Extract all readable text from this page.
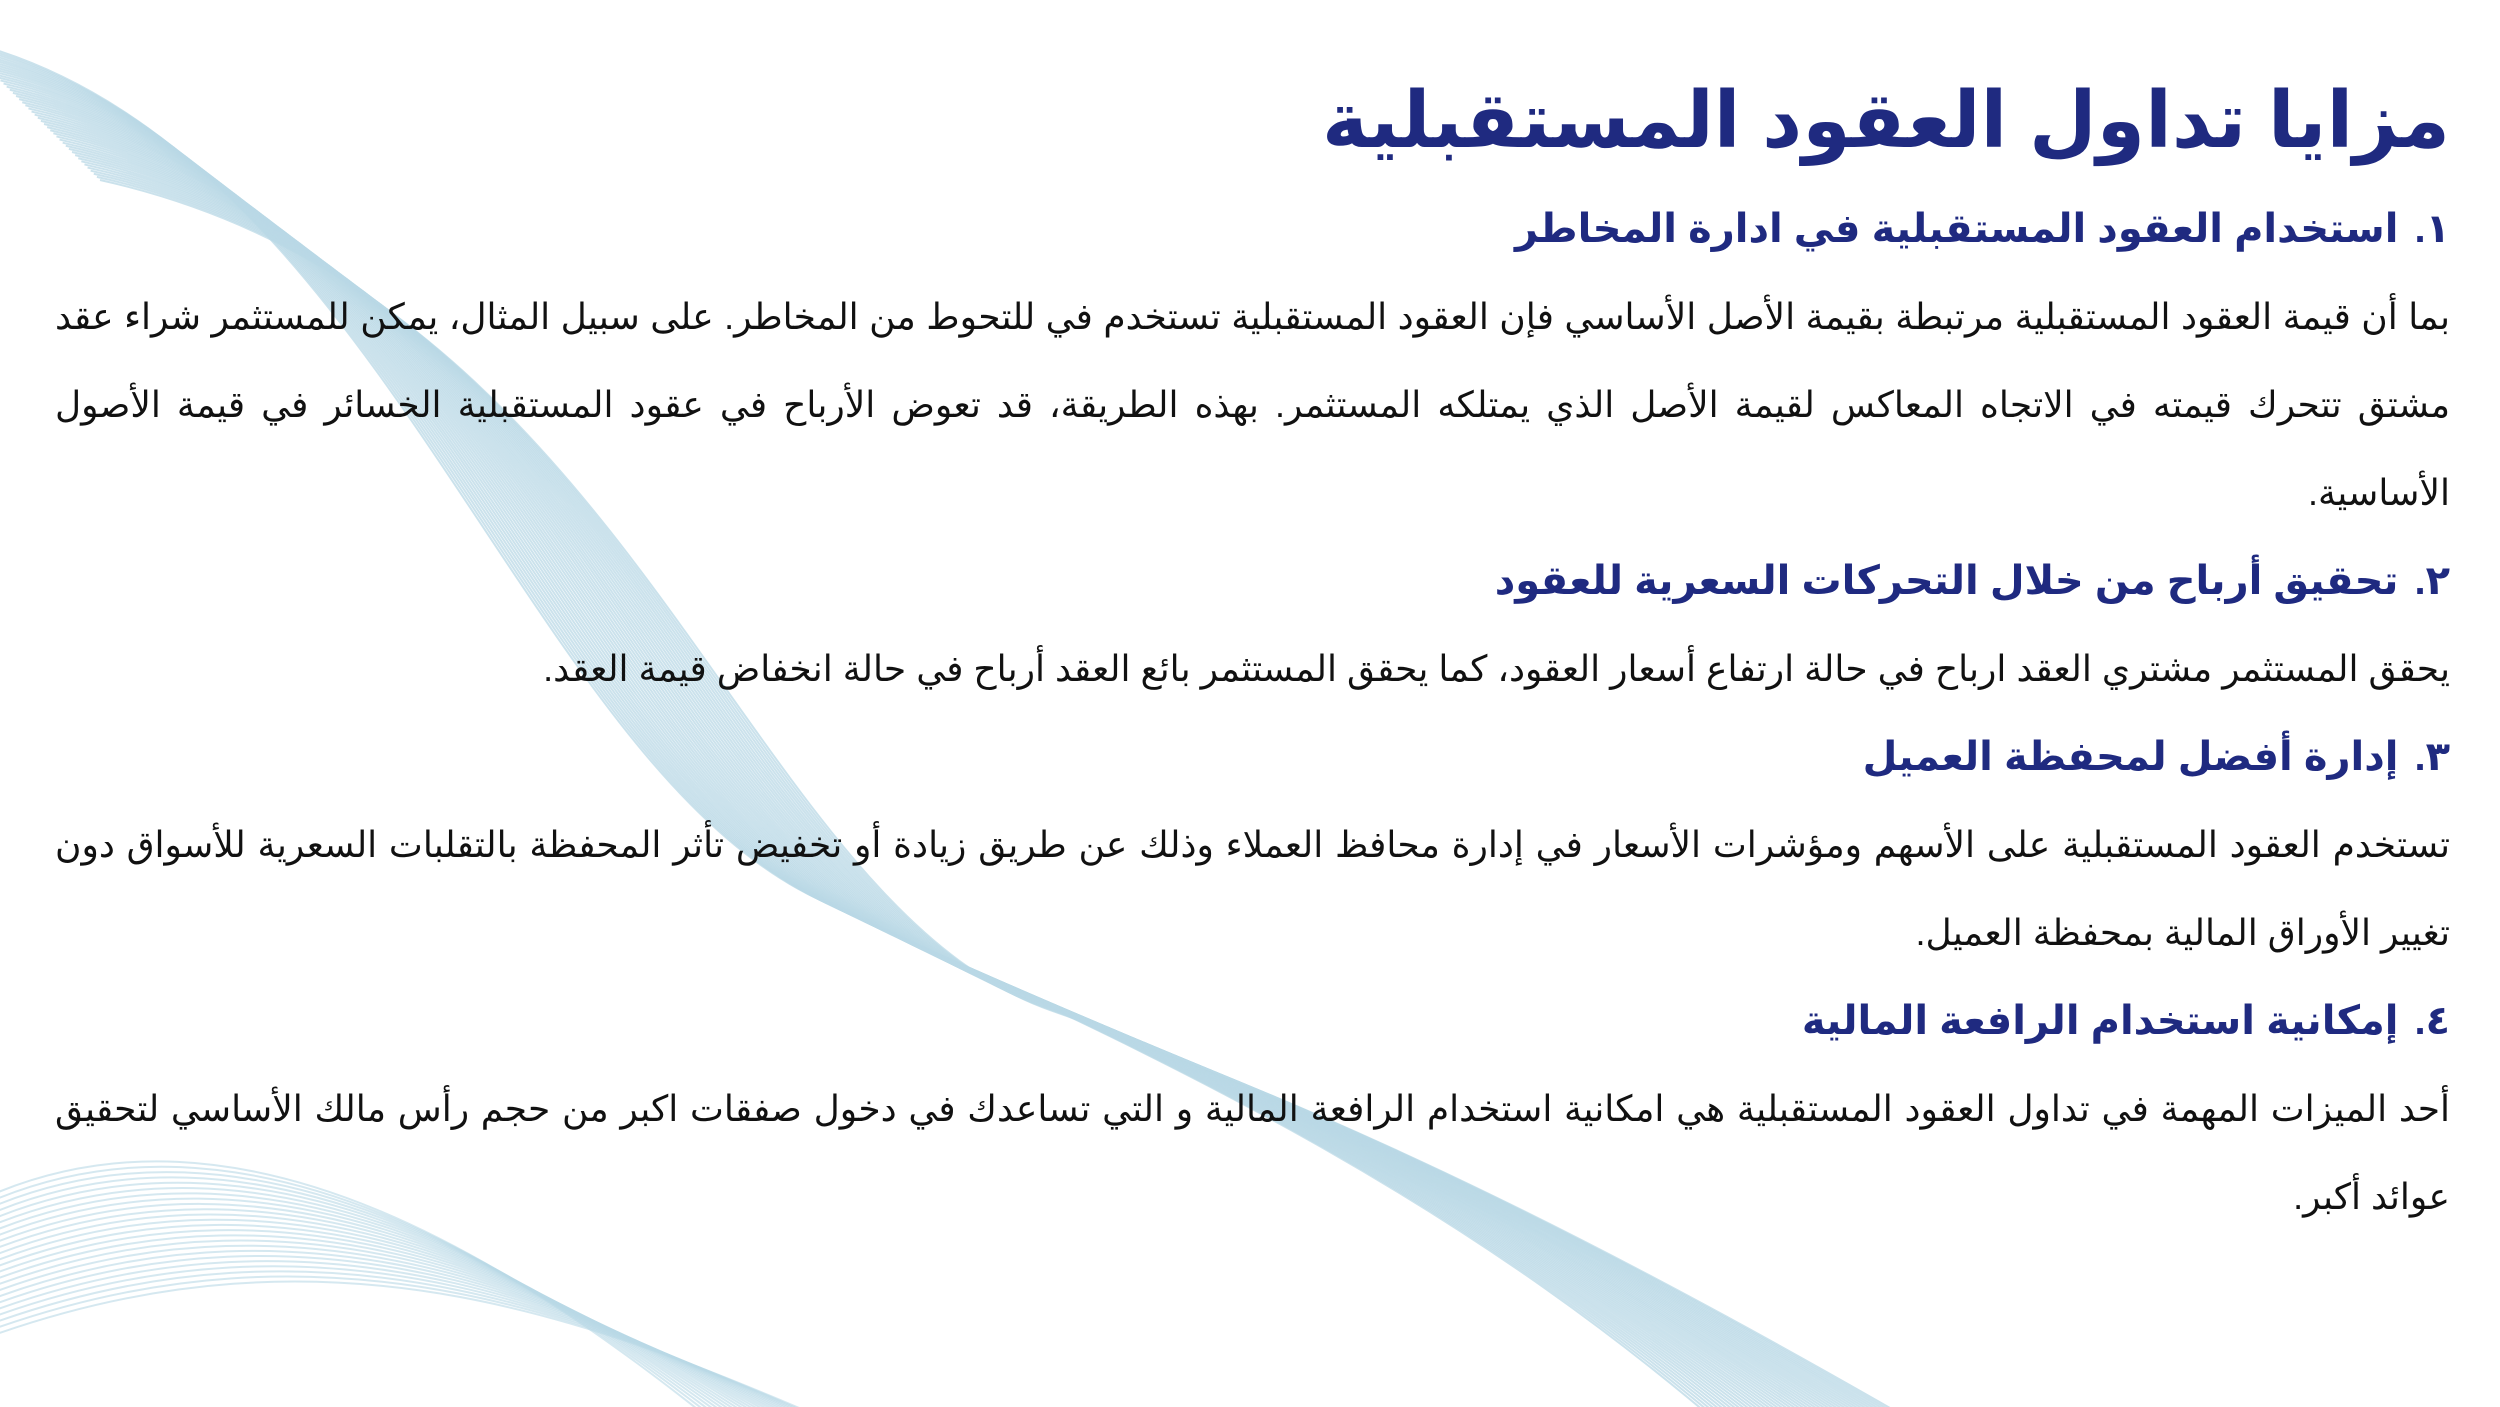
مزايا تداول العقود المستقبلية
١.استخدام العقود المستقبلية في ادارة المخاطر

بما أن قيمة العقود المستقبلية مرتبطة بقيمة الأصل الأساسي فإن العقود المستقبلية تستخدم في للتحوط من المخاطر. على سبيل المثال، يمكن للمستثمر شراء عقد مشتق تتحرك قيمته في الاتجاه المعاكس لقيمة الأصل الذي يمتلكه المستثمر. بهذه الطريقة، قد تعوض الأرباح في عقود المستقبلية الخسائر في قيمة الأصول الأساسية.

٢.تحقيق أرباح من خلال التحركات السعرية للعقود

يحقق المستثمر مشتري العقد ارباح في حالة ارتفاع أسعار العقود، كما يحقق المستثمر بائع العقد أرباح في حالة انخفاض قيمة العقد.

٣.إدارة أفضل لمحفظة العميل

تستخدم العقود المستقبلية على الأسهم ومؤشرات الأسعار في إدارة محافظ العملاء وذلك عن طريق زيادة أو تخفيض تأثر المحفظة بالتقلبات السعرية للأسواق دون تغيير الأوراق المالية بمحفظة العميل.

٤.إمكانية استخدام الرافعة المالية

أحد الميزات المهمة في تداول العقود المستقبلية هي امكانية استخدام الرافعة المالية و التي تساعدك في دخول صفقات اكبر من حجم رأس مالك الأساسي لتحقيق عوائد أكبر.
